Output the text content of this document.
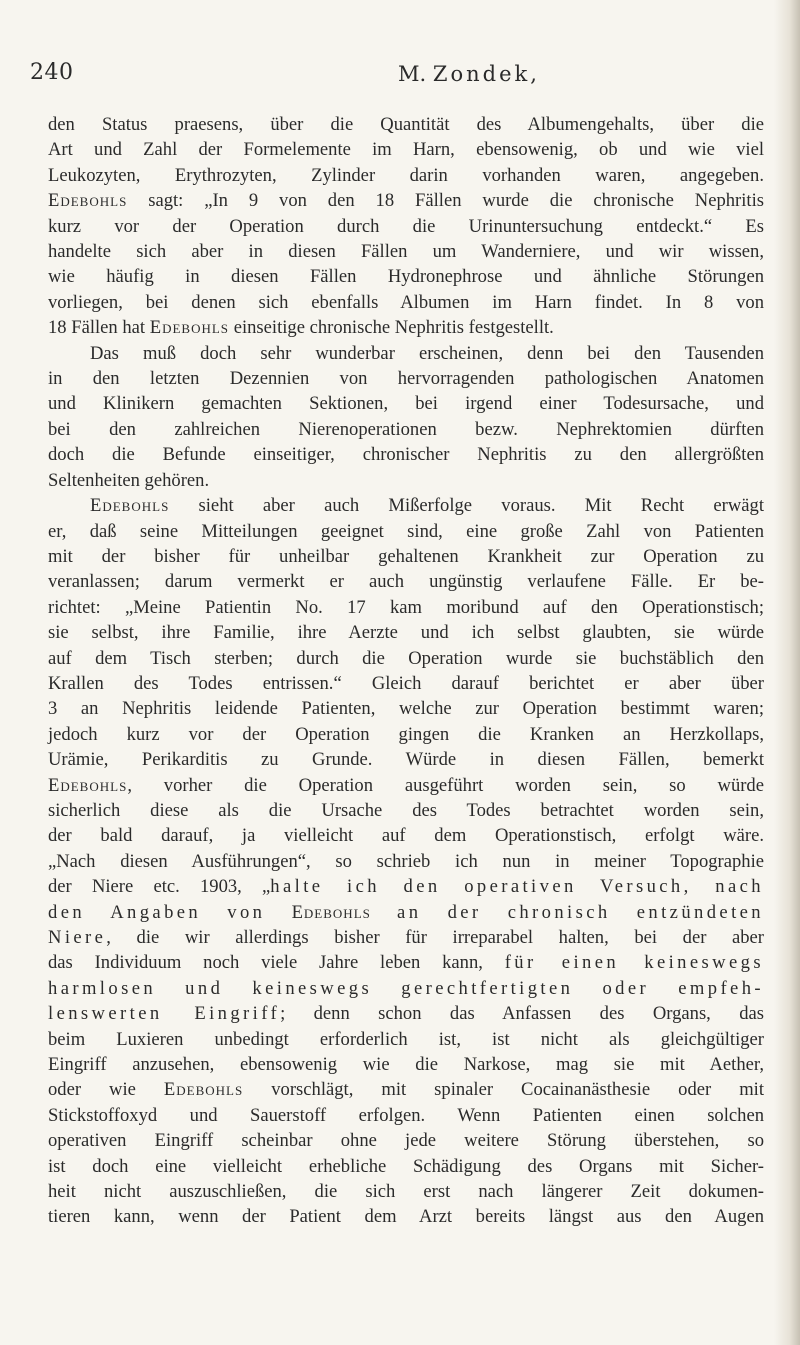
240	M. Zondek,
den Status praesens, über die Quantität des Albumengehalts, über die
Art und Zahl der Formelemente im Harn, ebensowenig, ob und wie viel
Leukozyten, Erythrozyten, Zylinder darin vorhanden waren, angegeben.
Edebohls sagt: „In 9 von den 18 Fällen wurde die chronische Nephritis
kurz vor der Operation durch die Urinuntersuchung entdeckt.“ Es
handelte sich aber in diesen Fällen um Wanderniere, und wir wissen,
wie häufig in diesen Fällen Hydronephrose und ähnliche Störungen
vorliegen, bei denen sich ebenfalls Albumen im Harn findet. In 8 von
18 Fällen hat Edebohls einseitige chronische Nephritis festgestellt.
Das muß doch sehr wunderbar erscheinen, denn bei den Tausenden
in den letzten Dezennien von hervorragenden pathologischen Anatomen
und Klinikern gemachten Sektionen, bei irgend einer Todesursache, und
bei den zahlreichen Nierenoperationen bezw. Nephrektomien dürften
doch die Befunde einseitiger, chronischer Nephritis zu den allergrößten
Seltenheiten gehören.
Edebohls sieht aber auch Mißerfolge voraus. Mit Recht erwägt
er, daß seine Mitteilungen geeignet sind, eine große Zahl von Patienten
mit der bisher für unheilbar gehaltenen Krankheit zur Operation zu
veranlassen; darum vermerkt er auch ungünstig verlaufene Fälle. Er be-
richtet: „Meine Patientin No. 17 kam moribund auf den Operationstisch;
sie selbst, ihre Familie, ihre Aerzte und ich selbst glaubten, sie würde
auf dem Tisch sterben; durch die Operation wurde sie buchstäblich den
Krallen des Todes entrissen.“ Gleich darauf berichtet er aber über
3 an Nephritis leidende Patienten, welche zur Operation bestimmt waren;
jedoch kurz vor der Operation gingen die Kranken an Herzkollaps,
Urämie, Perikarditis zu Grunde. Würde in diesen Fällen, bemerkt
Edebohls, vorher die Operation ausgeführt worden sein, so würde
sicherlich diese als die Ursache des Todes betrachtet worden sein,
der bald darauf, ja vielleicht auf dem Operationstisch, erfolgt wäre.
„Nach diesen Ausführungen“, so schrieb ich nun in meiner Topographie
der Niere etc. 1903, „halte ich den operativen Versuch, nach
den Angaben von Edebohls an der chronisch entzündeten
Niere, die wir allerdings bisher für irreparabel halten, bei der aber
das Individuum noch viele Jahre leben kann, für einen keineswegs
harmlosen und keineswegs gerechtfertigten oder empfeh-
lenswerten Eingriff; denn schon das Anfassen des Organs, das
beim Luxieren unbedingt erforderlich ist, ist nicht als gleichgültiger
Eingriff anzusehen, ebensowenig wie die Narkose, mag sie mit Aether,
oder wie Edebohls vorschlägt, mit spinaler Cocainanästhesie oder mit
Stickstoffoxyd und Sauerstoff erfolgen. Wenn Patienten einen solchen
operativen Eingriff scheinbar ohne jede weitere Störung überstehen, so
ist doch eine vielleicht erhebliche Schädigung des Organs mit Sicher-
heit nicht auszuschließen, die sich erst nach längerer Zeit dokumen-
tieren kann, wenn der Patient dem Arzt bereits längst aus den Augen
